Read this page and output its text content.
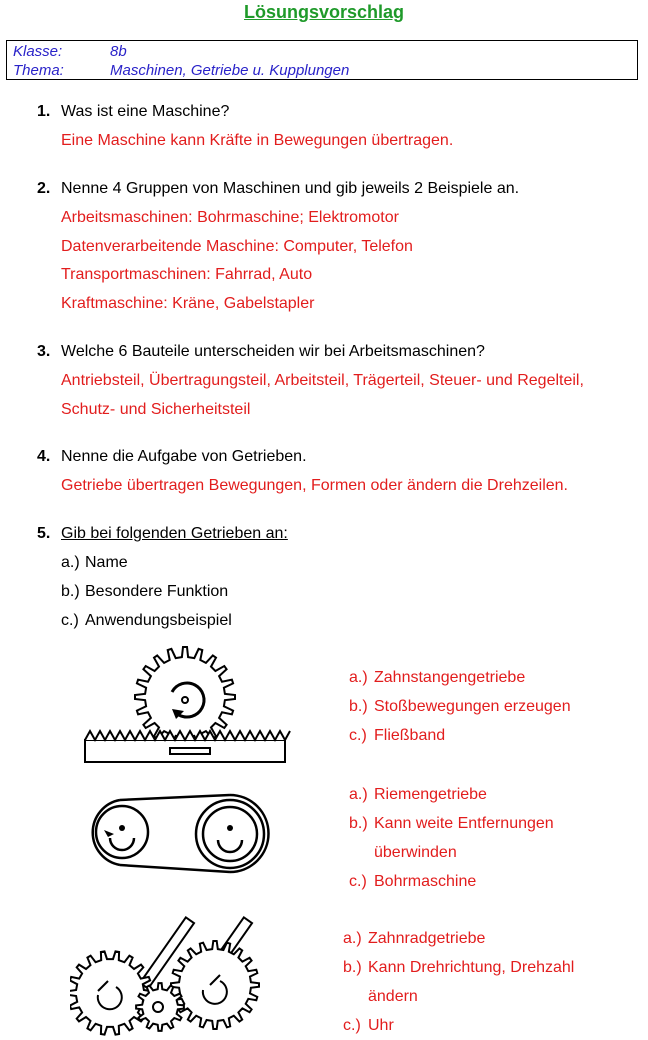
Lösungsvorschlag
Klasse:	8b
Thema:	Maschinen, Getriebe u. Kupplungen
1. Was ist eine Maschine?
Eine Maschine kann Kräfte in Bewegungen übertragen.
2. Nenne 4 Gruppen von Maschinen und gib jeweils 2 Beispiele an.
Arbeitsmaschinen: Bohrmaschine; Elektromotor
Datenverarbeitende Maschine: Computer, Telefon
Transportmaschinen: Fahrrad, Auto
Kraftmaschine: Kräne, Gabelstapler
3. Welche 6 Bauteile unterscheiden wir bei Arbeitsmaschinen?
Antriebsteil, Übertragungsteil, Arbeitsteil, Trägerteil, Steuer- und Regelteil,
Schutz- und Sicherheitsteil
4. Nenne die Aufgabe von Getrieben.
Getriebe übertragen Bewegungen, Formen oder ändern die Drehzeilen.
5. Gib bei folgenden Getrieben an:
a.) Name
b.) Besondere Funktion
c.) Anwendungsbeispiel
a.) Zahnstangengetriebe
b.) Stoßbewegungen erzeugen
c.) Fließband
a.) Riemengetriebe
b.) Kann weite Entfernungen
überwinden
c.) Bohrmaschine
a.) Zahnradgetriebe
b.) Kann Drehrichtung, Drehzahl
ändern
c.) Uhr
